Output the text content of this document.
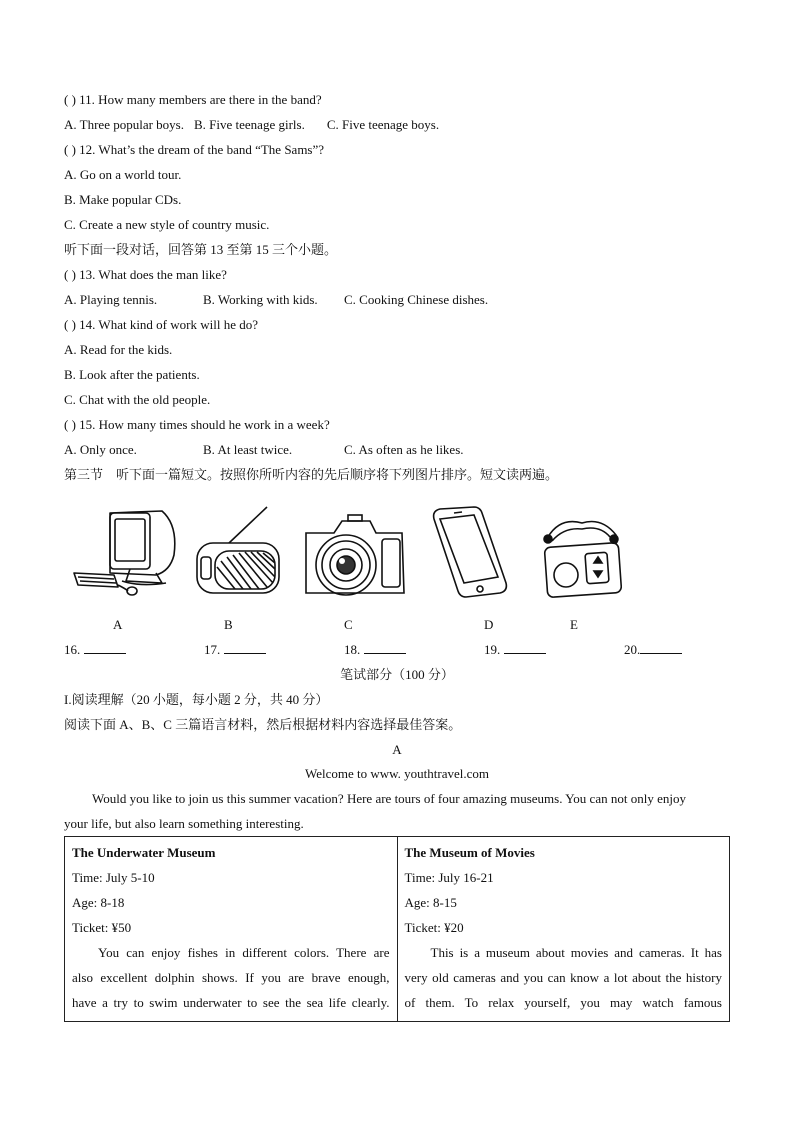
( ) 11. How many members are there in the band?
A. Three popular boys. B. Five teenage girls. C. Five teenage boys.
( ) 12. What’s the dream of the band “The Sams”?
A. Go on a world tour.
B. Make popular CDs.
C. Create a new style of country music.
听下面一段对话，回答第 13 至第 15 三个小题。
( ) 13. What does the man like?
A. Playing tennis.	B. Working with kids. C. Cooking Chinese dishes.
( ) 14. What kind of work will he do?
A. Read for the kids.
B. Look after the patients.
C. Chat with the old people.
( ) 15. How many times should he work in a week?
A. Only once.	B. At least twice.	C. As often as he likes.
第三节    听下面一篇短文。按照你所听内容的先后顺序将下列图片排序。短文读两遍。
A	B	C	D	E
16.	17.	18.	19.	20.
笔试部分（100 分）
I.阅读理解（20 小题，每小题 2 分，共 40 分）
阅读下面 A、B、C 三篇语言材料，然后根据材料内容选择最佳答案。
A
Welcome to www. youthtravel.com
Would you like to join us this summer vacation? Here are tours of four amazing museums. You can not only enjoy
your life, but also learn something interesting.
The Underwater Museum
Time: July 5-10
Age: 8-18
Ticket: ¥50
You can enjoy fishes in different colors. There are
also excellent dolphin shows. If you are brave enough,
have a try to swim underwater to see the sea life clearly.

The Museum of Movies
Time: July 16-21
Age: 8-15
Ticket: ¥20
This is a museum about movies and cameras. It has
very old cameras and you can know a lot about the history
of them. To relax yourself, you may watch famous
